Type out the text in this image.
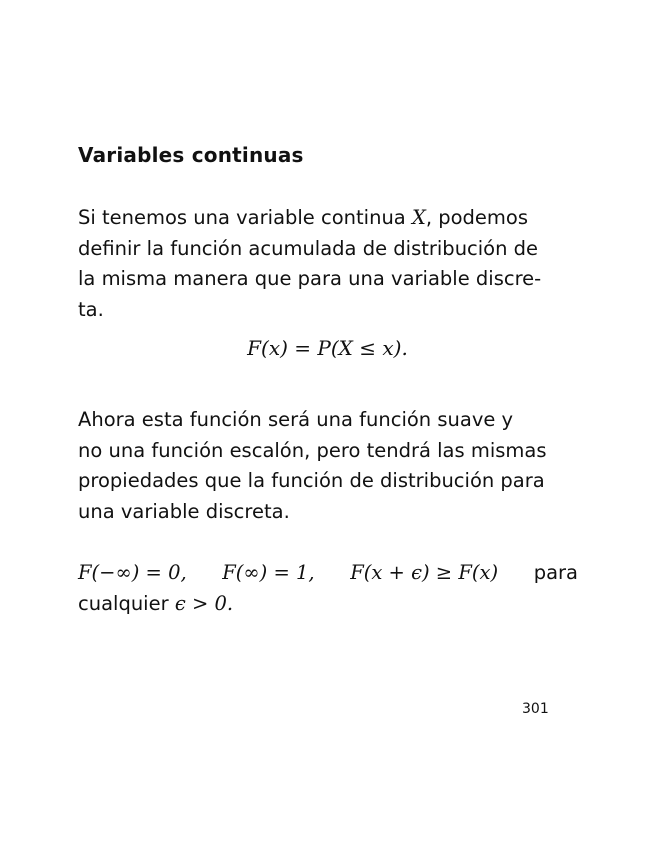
Variables continuas
Si tenemos una variable continua X, podemos
definir la función acumulada de distribución de
la misma manera que para una variable discre-
ta.
F(x) = P(X ≤ x).
Ahora esta función será una función suave y
no una función escalón, pero tendrá las mismas
propiedades que la función de distribución para
una variable discreta.
F(−∞) = 0, F(∞) = 1, F(x + ϵ) ≥ F(x) para
cualquier ϵ > 0.
301
